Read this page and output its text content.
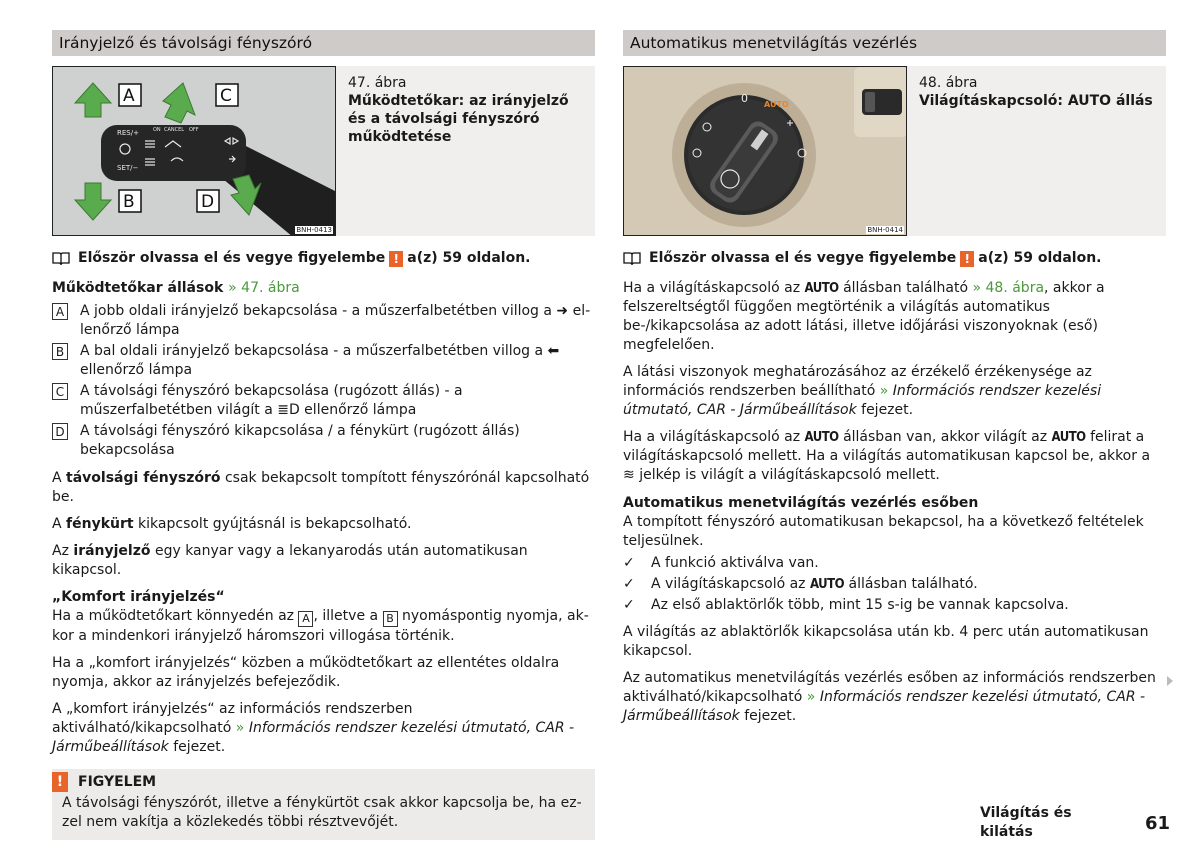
Irányjelző és távolsági fényszóró
RES/+	ON CANCEL OFF
SET/−
A	C
B	D
BNH-0413
47. ábra
Működtetőkar: az irányjelző és a távolsági fényszóró működtetése
Először olvassa el és vegye figyelembe ! a(z) 59 oldalon.
Működtetőkar állások » 47. ábra
A A jobb oldali irányjelző bekapcsolása - a műszerfalbetétben villog a ➜ ellenőrző lámpa
B A bal oldali irányjelző bekapcsolása - a műszerfalbetétben villog a ⬅ ellenőrző lámpa
C A távolsági fényszóró bekapcsolása (rugózott állás) - a műszerfalbetétben világít a ≣D ellenőrző lámpa
D A távolsági fényszóró kikapcsolása / a fénykürt (rugózott állás) bekapcsolása

A távolsági fényszóró csak bekapcsolt tompított fényszórónál kapcsolható be.

A fénykürt kikapcsolt gyújtásnál is bekapcsolható.

Az irányjelző egy kanyar vagy a lekanyarodás után automatikusan kikapcsol.

„Komfort irányjelzés“
Ha a működtetőkart könnyedén az A , illetve a B nyomáspontig nyomja, akkor a mindenkori irányjelző háromszori villogása történik.

Ha a „komfort irányjelzés“ közben a működtetőkart az ellentétes oldalra nyomja, akkor az irányjelzés befejeződik.

A „komfort irányjelzés“ az információs rendszerben aktiválható/kikapcsolható » Információs rendszer kezelési útmutató, CAR - Járműbeállítások fejezet.

!	FIGYELEM
A távolsági fényszórót, illetve a fénykürtöt csak akkor kapcsolja be, ha ezzel nem vakítja a közlekedés többi résztvevőjét.
Automatikus menetvilágítás vezérlés
0 AUTO
BNH-0414
48. ábra
Világításkapcsoló: AUTO állás
Először olvassa el és vegye figyelembe ! a(z) 59 oldalon.

Ha a világításkapcsoló az AUTO állásban található » 48. ábra, akkor a felszereltségtől függően megtörténik a világítás automatikus be-/kikapcsolása az adott látási, illetve időjárási viszonyoknak (eső) megfelelően.

A látási viszonyok meghatározásához az érzékelő érzékenysége az információs rendszerben beállítható » Információs rendszer kezelési útmutató, CAR - Járműbeállítások fejezet.

Ha a világításkapcsoló az AUTO állásban van, akkor világít az AUTO felirat a világításkapcsoló mellett. Ha a világítás automatikusan kapcsol be, akkor a ≋ jelkép is világít a világításkapcsoló mellett.

Automatikus menetvilágítás vezérlés esőben
A tompított fényszóró automatikusan bekapcsol, ha a következő feltételek teljesülnek.
✓	A funkció aktiválva van.
✓	A világításkapcsoló az AUTO állásban található.
✓	Az első ablaktörlők több, mint 15 s-ig be vannak kapcsolva.

A világítás az ablaktörlők kikapcsolása után kb. 4 perc után automatikusan kikapcsol.

Az automatikus menetvilágítás vezérlés esőben az információs rendszerben aktiválható/kikapcsolható » Információs rendszer kezelési útmutató, CAR - Járműbeállítások fejezet.

Világítás és kilátás	61
